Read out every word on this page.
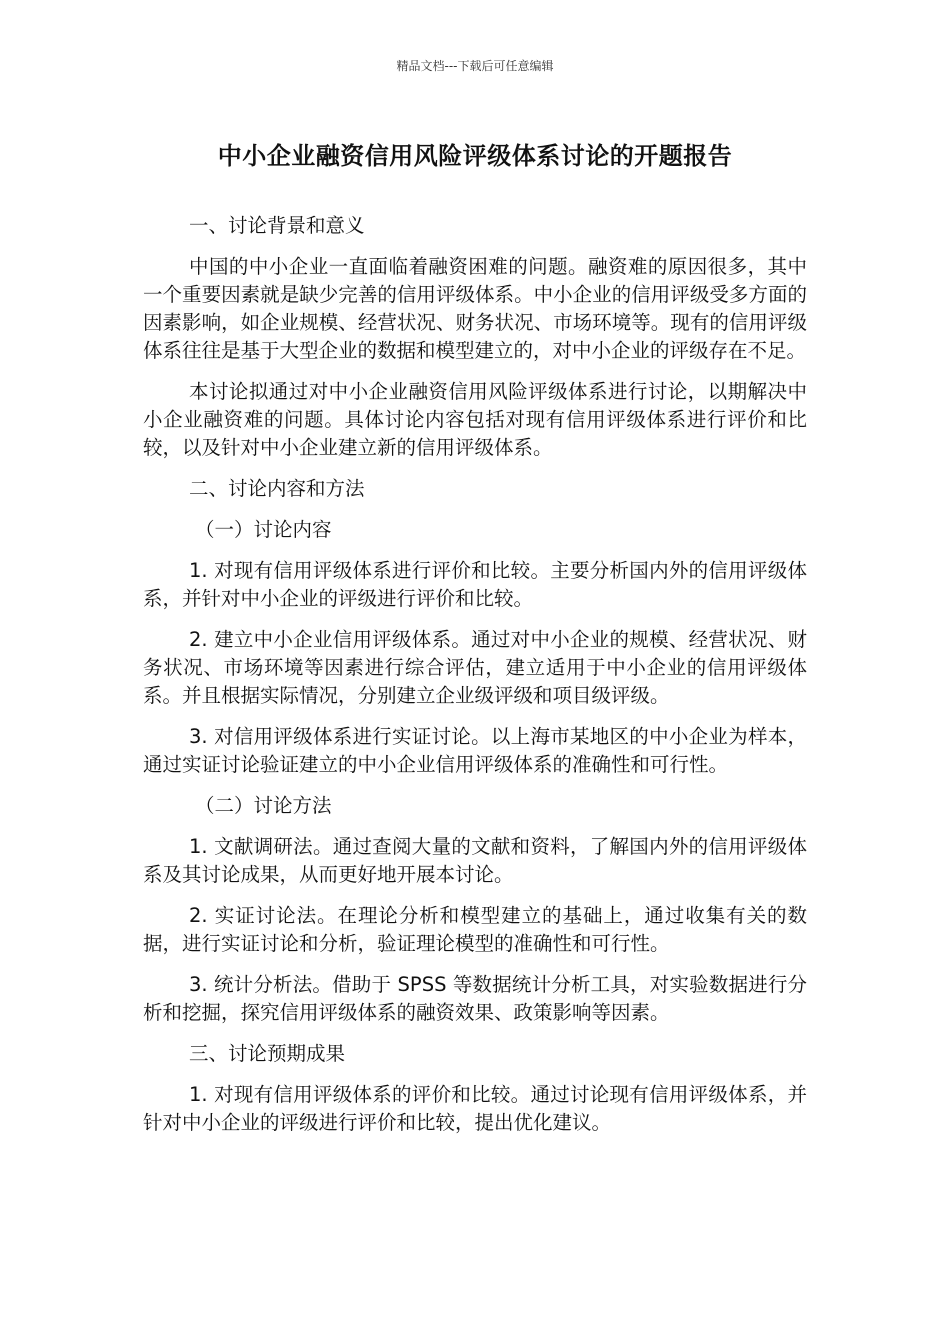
精品文档---下载后可任意编辑
中小企业融资信用风险评级体系讨论的开题报告

一、讨论背景和意义

中国的中小企业一直面临着融资困难的问题。融资难的原因很多，其中一个重要因素就是缺少完善的信用评级体系。中小企业的信用评级受多方面的因素影响，如企业规模、经营状况、财务状况、市场环境等。现有的信用评级体系往往是基于大型企业的数据和模型建立的，对中小企业的评级存在不足。

本讨论拟通过对中小企业融资信用风险评级体系进行讨论，以期解决中小企业融资难的问题。具体讨论内容包括对现有信用评级体系进行评价和比较，以及针对中小企业建立新的信用评级体系。

二、讨论内容和方法

（一）讨论内容

1. 对现有信用评级体系进行评价和比较。主要分析国内外的信用评级体系，并针对中小企业的评级进行评价和比较。

2. 建立中小企业信用评级体系。通过对中小企业的规模、经营状况、财务状况、市场环境等因素进行综合评估，建立适用于中小企业的信用评级体系。并且根据实际情况，分别建立企业级评级和项目级评级。

3. 对信用评级体系进行实证讨论。以上海市某地区的中小企业为样本，通过实证讨论验证建立的中小企业信用评级体系的准确性和可行性。

（二）讨论方法

1. 文献调研法。通过查阅大量的文献和资料，了解国内外的信用评级体系及其讨论成果，从而更好地开展本讨论。

2. 实证讨论法。在理论分析和模型建立的基础上，通过收集有关的数据，进行实证讨论和分析，验证理论模型的准确性和可行性。

3. 统计分析法。借助于 SPSS 等数据统计分析工具，对实验数据进行分析和挖掘，探究信用评级体系的融资效果、政策影响等因素。

三、讨论预期成果

1. 对现有信用评级体系的评价和比较。通过讨论现有信用评级体系，并针对中小企业的评级进行评价和比较，提出优化建议。
